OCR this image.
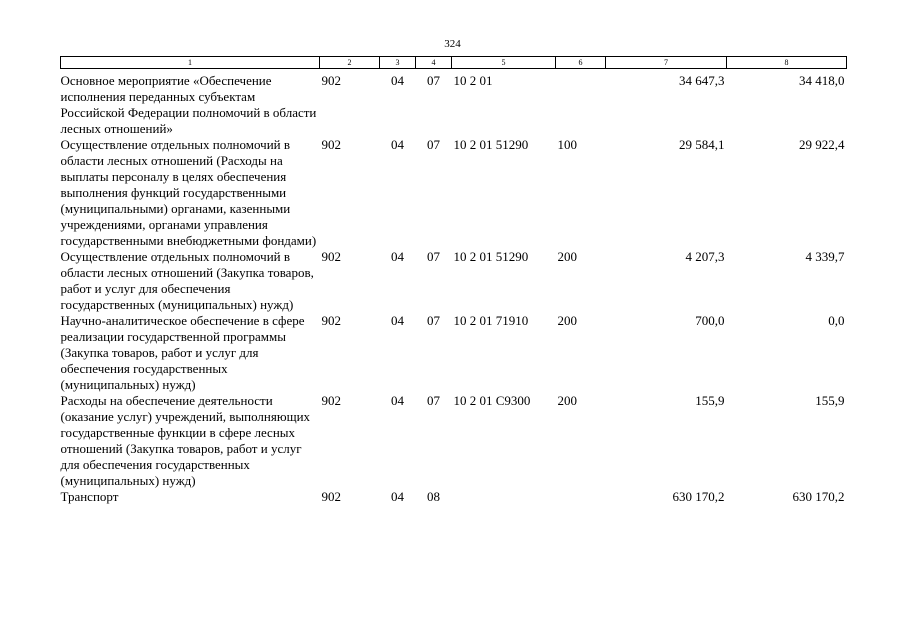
324
1	2	3	4	5	6	7	8
Основное мероприятие «Обеспечение исполнения переданных субъектам Российской Федерации полномочий в области лесных отношений»	902	04	07	10 2 01		34 647,3	34 418,0
Осуществление отдельных полномочий в области лесных отношений (Расходы на выплаты персоналу в целях обеспечения выполнения функций государственными (муниципальными) органами, казенными учреждениями, органами управления государственными внебюджетными фондами)	902	04	07	10 2 01 51290	100	29 584,1	29 922,4
Осуществление отдельных полномочий в области лесных отношений (Закупка товаров, работ и услуг для обеспечения государственных (муниципальных) нужд)	902	04	07	10 2 01 51290	200	4 207,3	4 339,7
Научно-аналитическое обеспечение в сфере реализации государственной программы (Закупка товаров, работ и услуг для обеспечения государственных (муниципальных) нужд)	902	04	07	10 2 01 71910	200	700,0	0,0
Расходы на обеспечение деятельности (оказание услуг) учреждений, выполняющих государственные функции в сфере лесных отношений (Закупка товаров, работ и услуг для обеспечения государственных (муниципальных) нужд)	902	04	07	10 2 01 С9300	200	155,9	155,9
Транспорт	902	04	08			630 170,2	630 170,2
